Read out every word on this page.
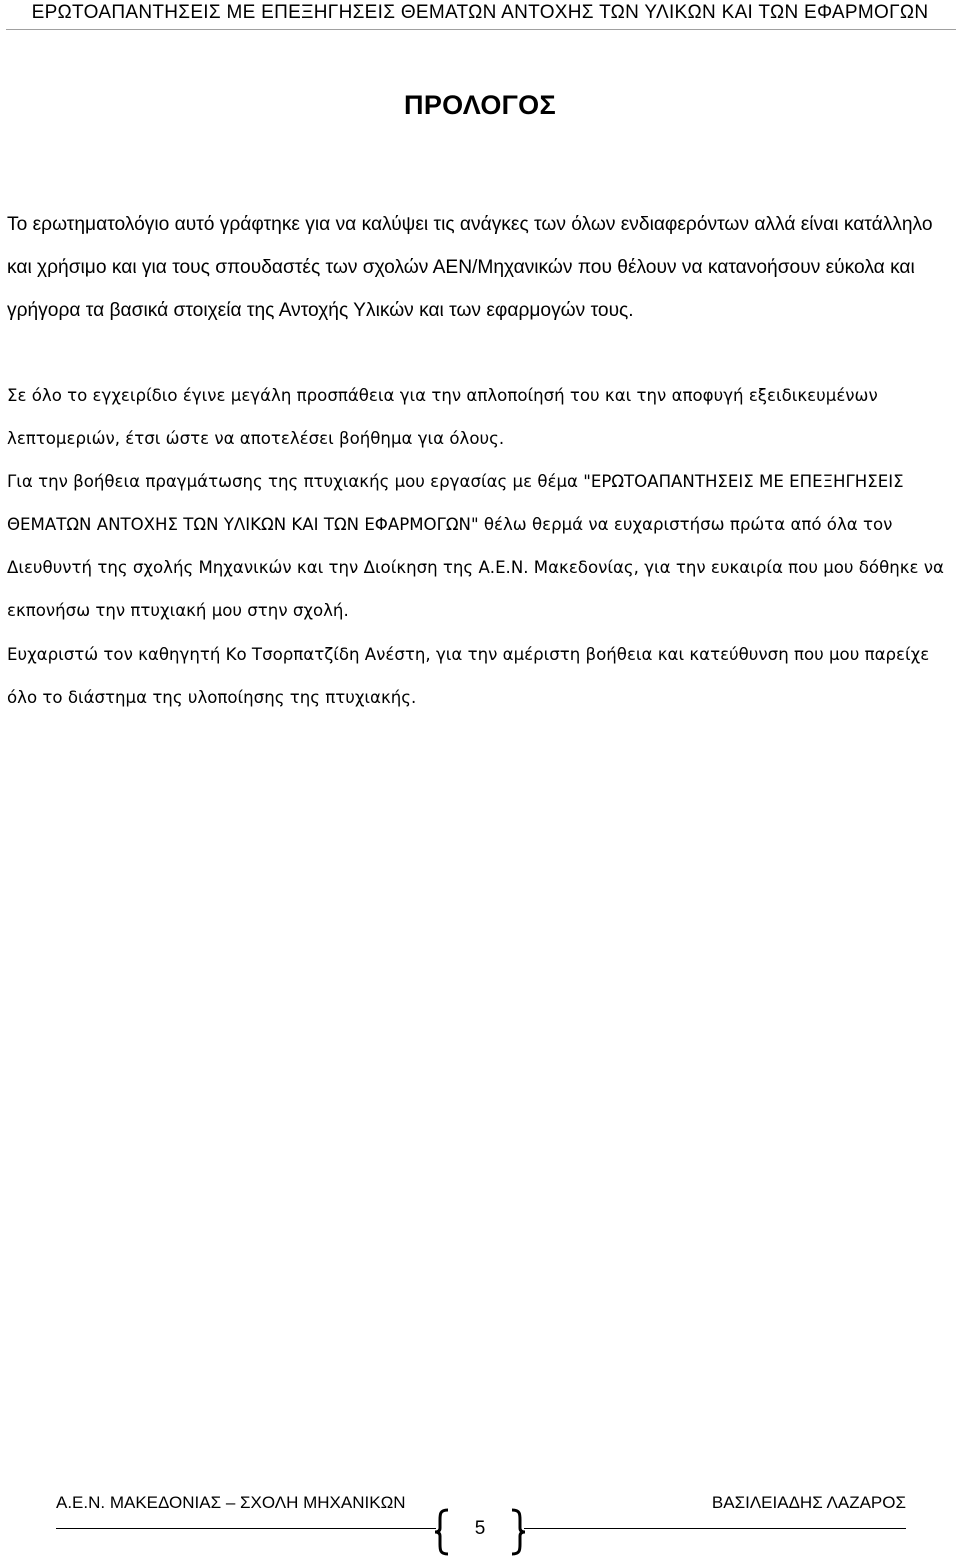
ΕΡΩΤΟΑΠΑΝΤΗΣΕΙΣ ΜΕ ΕΠΕΞΗΓΗΣΕΙΣ ΘΕΜΑΤΩΝ ΑΝΤΟΧΗΣ ΤΩΝ ΥΛΙΚΩΝ ΚΑΙ ΤΩΝ ΕΦΑΡΜΟΓΩΝ
ΠΡΟΛΟΓΟΣ

Το ερωτηματολόγιο αυτό γράφτηκε για να καλύψει τις ανάγκες των όλων ενδιαφερόντων αλλά είναι κατάλληλο και χρήσιμο και για τους σπουδαστές των σχολών ΑΕΝ/Μηχανικών που θέλουν να κατανοήσουν εύκολα και γρήγορα τα βασικά στοιχεία της Αντοχής Υλικών και των εφαρμογών τους.

Σε όλο το εγχειρίδιο έγινε μεγάλη προσπάθεια για την απλοποίησή του και την αποφυγή εξειδικευμένων λεπτομεριών, έτσι ώστε να αποτελέσει βοήθημα για όλους.

Για την βοήθεια πραγμάτωσης της πτυχιακής μου εργασίας με θέμα "ΕΡΩΤΟΑΠΑΝΤΗΣΕΙΣ ΜΕ ΕΠΕΞΗΓΗΣΕΙΣ ΘΕΜΑΤΩΝ ΑΝΤΟΧΗΣ ΤΩΝ ΥΛΙΚΩΝ ΚΑΙ ΤΩΝ ΕΦΑΡΜΟΓΩΝ" θέλω θερμά να ευχαριστήσω πρώτα από όλα τον Διευθυντή της σχολής Μηχανικών και την Διοίκηση της Α.Ε.Ν. Μακεδονίας, για την ευκαιρία που μου δόθηκε να εκπονήσω την πτυχιακή μου στην σχολή.

Ευχαριστώ τον καθηγητή Κο Τσορπατζίδη Ανέστη, για την αμέριστη βοήθεια και κατεύθυνση που μου παρείχε όλο το διάστημα της υλοποίησης της πτυχιακής.

Α.Ε.Ν. ΜΑΚΕΔΟΝΙΑΣ – ΣΧΟΛΗ ΜΗΧΑΝΙΚΩΝ	ΒΑΣΙΛΕΙΑΔΗΣ ΛΑΖΑΡΟΣ
5
